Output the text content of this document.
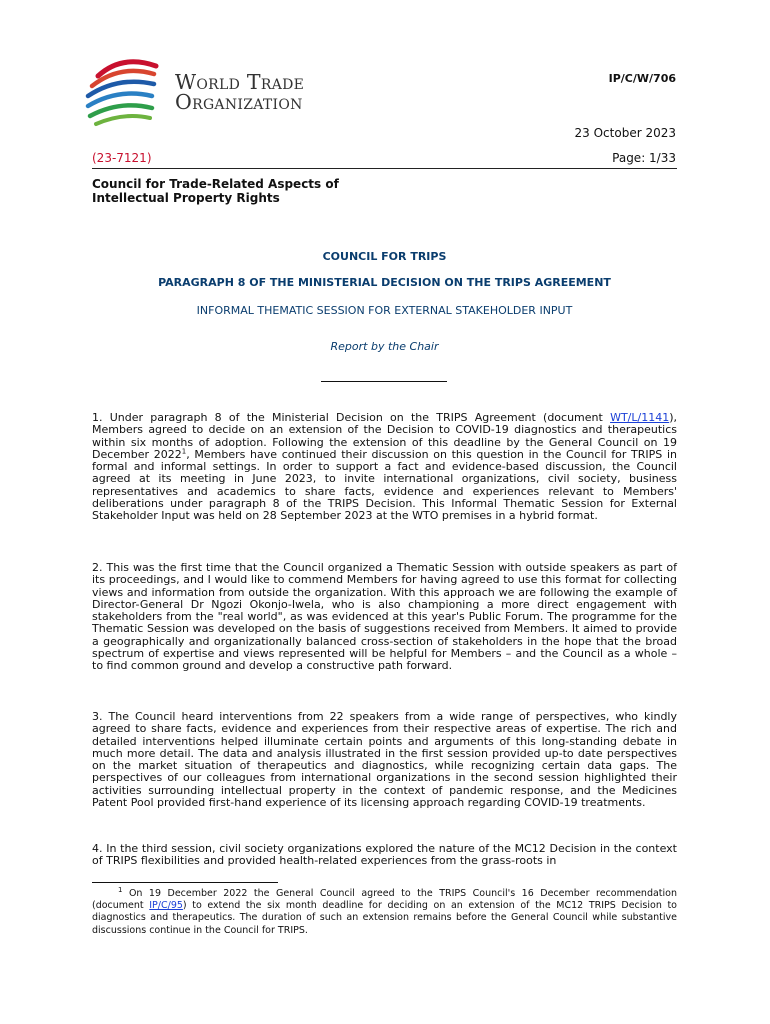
World Trade
Organization
IP/C/W/706
23 October 2023
(23-7121)	Page: 1/33
Council for Trade-Related Aspects of
Intellectual Property Rights
COUNCIL FOR TRIPS
PARAGRAPH 8 OF THE MINISTERIAL DECISION ON THE TRIPS AGREEMENT
INFORMAL THEMATIC SESSION FOR EXTERNAL STAKEHOLDER INPUT
Report by the Chair
1. Under paragraph 8 of the Ministerial Decision on the TRIPS Agreement (document WT/L/1141), Members agreed to decide on an extension of the Decision to COVID-19 diagnostics and therapeutics within six months of adoption. Following the extension of this deadline by the General Council on 19 December 2022$^1$, Members have continued their discussion on this question in the Council for TRIPS in formal and informal settings. In order to support a fact and evidence-based discussion, the Council agreed at its meeting in June 2023, to invite international organizations, civil society, business representatives and academics to share facts, evidence and experiences relevant to Members' deliberations under paragraph 8 of the TRIPS Decision. This Informal Thematic Session for External Stakeholder Input was held on 28 September 2023 at the WTO premises in a hybrid format.
2. This was the first time that the Council organized a Thematic Session with outside speakers as part of its proceedings, and I would like to commend Members for having agreed to use this format for collecting views and information from outside the organization. With this approach we are following the example of Director-General Dr Ngozi Okonjo-Iwela, who is also championing a more direct engagement with stakeholders from the "real world", as was evidenced at this year's Public Forum. The programme for the Thematic Session was developed on the basis of suggestions received from Members. It aimed to provide a geographically and organizationally balanced cross-section of stakeholders in the hope that the broad spectrum of expertise and views represented will be helpful for Members – and the Council as a whole – to find common ground and develop a constructive path forward.
3. The Council heard interventions from 22 speakers from a wide range of perspectives, who kindly agreed to share facts, evidence and experiences from their respective areas of expertise. The rich and detailed interventions helped illuminate certain points and arguments of this long-standing debate in much more detail. The data and analysis illustrated in the first session provided up-to date perspectives on the market situation of therapeutics and diagnostics, while recognizing certain data gaps. The perspectives of our colleagues from international organizations in the second session highlighted their activities surrounding intellectual property in the context of pandemic response, and the Medicines Patent Pool provided first-hand experience of its licensing approach regarding COVID-19 treatments.
4. In the third session, civil society organizations explored the nature of the MC12 Decision in the context of TRIPS flexibilities and provided health-related experiences from the grass-roots in
$^1$ On 19 December 2022 the General Council agreed to the TRIPS Council's 16 December recommendation (document IP/C/95) to extend the six month deadline for deciding on an extension of the MC12 TRIPS Decision to diagnostics and therapeutics. The duration of such an extension remains before the General Council while substantive discussions continue in the Council for TRIPS.
